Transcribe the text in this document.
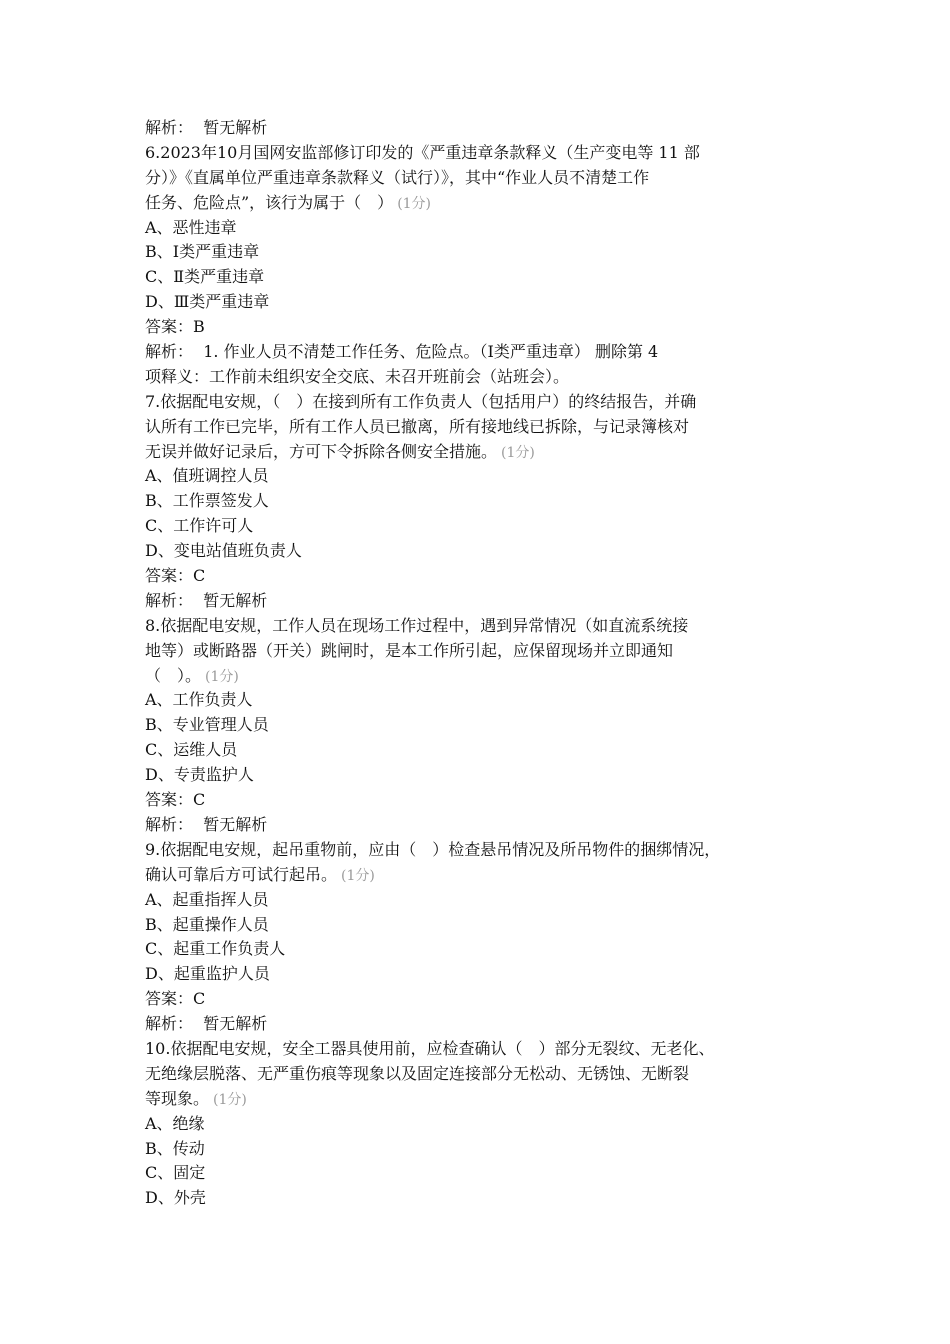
解析： 暂无解析
6.2023年10月国网安监部修订印发的《严重违章条款释义（生产变电等 11 部
分）》《直属单位严重违章条款释义（试行）》，其中“作业人员不清楚工作
任务、危险点”，该行为属于（　） (1分)
A、恶性违章
B、Ⅰ类严重违章
C、Ⅱ类严重违章
D、Ⅲ类严重违章
答案：B
解析： 1. 作业人员不清楚工作任务、危险点。（Ⅰ类严重违章） 删除第 4
项释义：工作前未组织安全交底、未召开班前会（站班会）。
7.依据配电安规，（　）在接到所有工作负责人（包括用户）的终结报告，并确
认所有工作已完毕，所有工作人员已撤离，所有接地线已拆除，与记录簿核对
无误并做好记录后，方可下令拆除各侧安全措施。 (1分)
A、值班调控人员
B、工作票签发人
C、工作许可人
D、变电站值班负责人
答案：C
解析： 暂无解析
8.依据配电安规，工作人员在现场工作过程中，遇到异常情况（如直流系统接
地等）或断路器（开关）跳闸时，是本工作所引起，应保留现场并立即通知
（　）。 (1分)
A、工作负责人
B、专业管理人员
C、运维人员
D、专责监护人
答案：C
解析： 暂无解析
9.依据配电安规，起吊重物前，应由（　）检查悬吊情况及所吊物件的捆绑情况，
确认可靠后方可试行起吊。 (1分)
A、起重指挥人员
B、起重操作人员
C、起重工作负责人
D、起重监护人员
答案：C
解析： 暂无解析
10.依据配电安规，安全工器具使用前，应检查确认（　）部分无裂纹、无老化、
无绝缘层脱落、无严重伤痕等现象以及固定连接部分无松动、无锈蚀、无断裂
等现象。 (1分)
A、绝缘
B、传动
C、固定
D、外壳
